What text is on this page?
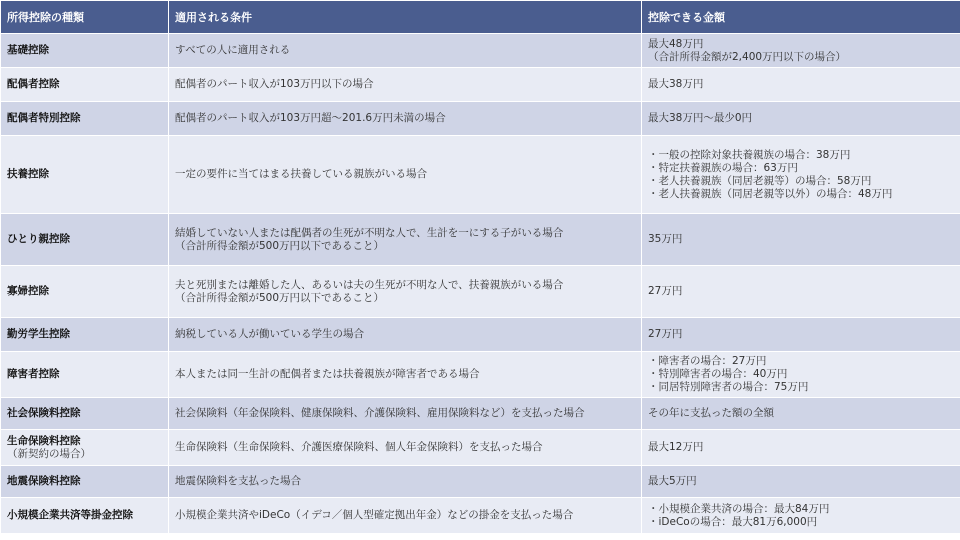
所得控除の種類	適用される条件	控除できる金額
基礎控除	すべての人に適用される	最大48万円
（合計所得金額が2,400万円以下の場合）
配偶者控除	配偶者のパート収入が103万円以下の場合	最大38万円
配偶者特別控除	配偶者のパート収入が103万円超～201.6万円未満の場合	最大38万円～最少0円
扶養控除	一定の要件に当てはまる扶養している親族がいる場合	・一般の控除対象扶養親族の場合：38万円
・特定扶養親族の場合：63万円
・老人扶養親族（同居老親等）の場合：58万円
・老人扶養親族（同居老親等以外）の場合：48万円
ひとり親控除	結婚していない人または配偶者の生死が不明な人で、生計を一にする子がいる場合
（合計所得金額が500万円以下であること）	35万円
寡婦控除	夫と死別または離婚した人、あるいは夫の生死が不明な人で、扶養親族がいる場合
（合計所得金額が500万円以下であること）	27万円
勤労学生控除	納税している人が働いている学生の場合	27万円
障害者控除	本人または同一生計の配偶者または扶養親族が障害者である場合	・障害者の場合：27万円
・特別障害者の場合：40万円
・同居特別障害者の場合：75万円
社会保険料控除	社会保険料（年金保険料、健康保険料、介護保険料、雇用保険料など）を支払った場合	その年に支払った額の全額
生命保険料控除
（新契約の場合）	生命保険料（生命保険料、介護医療保険料、個人年金保険料）を支払った場合	最大12万円
地震保険料控除	地震保険料を支払った場合	最大5万円
小規模企業共済等掛金控除	小規模企業共済やiDeCo（イデコ／個人型確定拠出年金）などの掛金を支払った場合	・小規模企業共済の場合：最大84万円
・iDeCoの場合：最大81万6,000円
